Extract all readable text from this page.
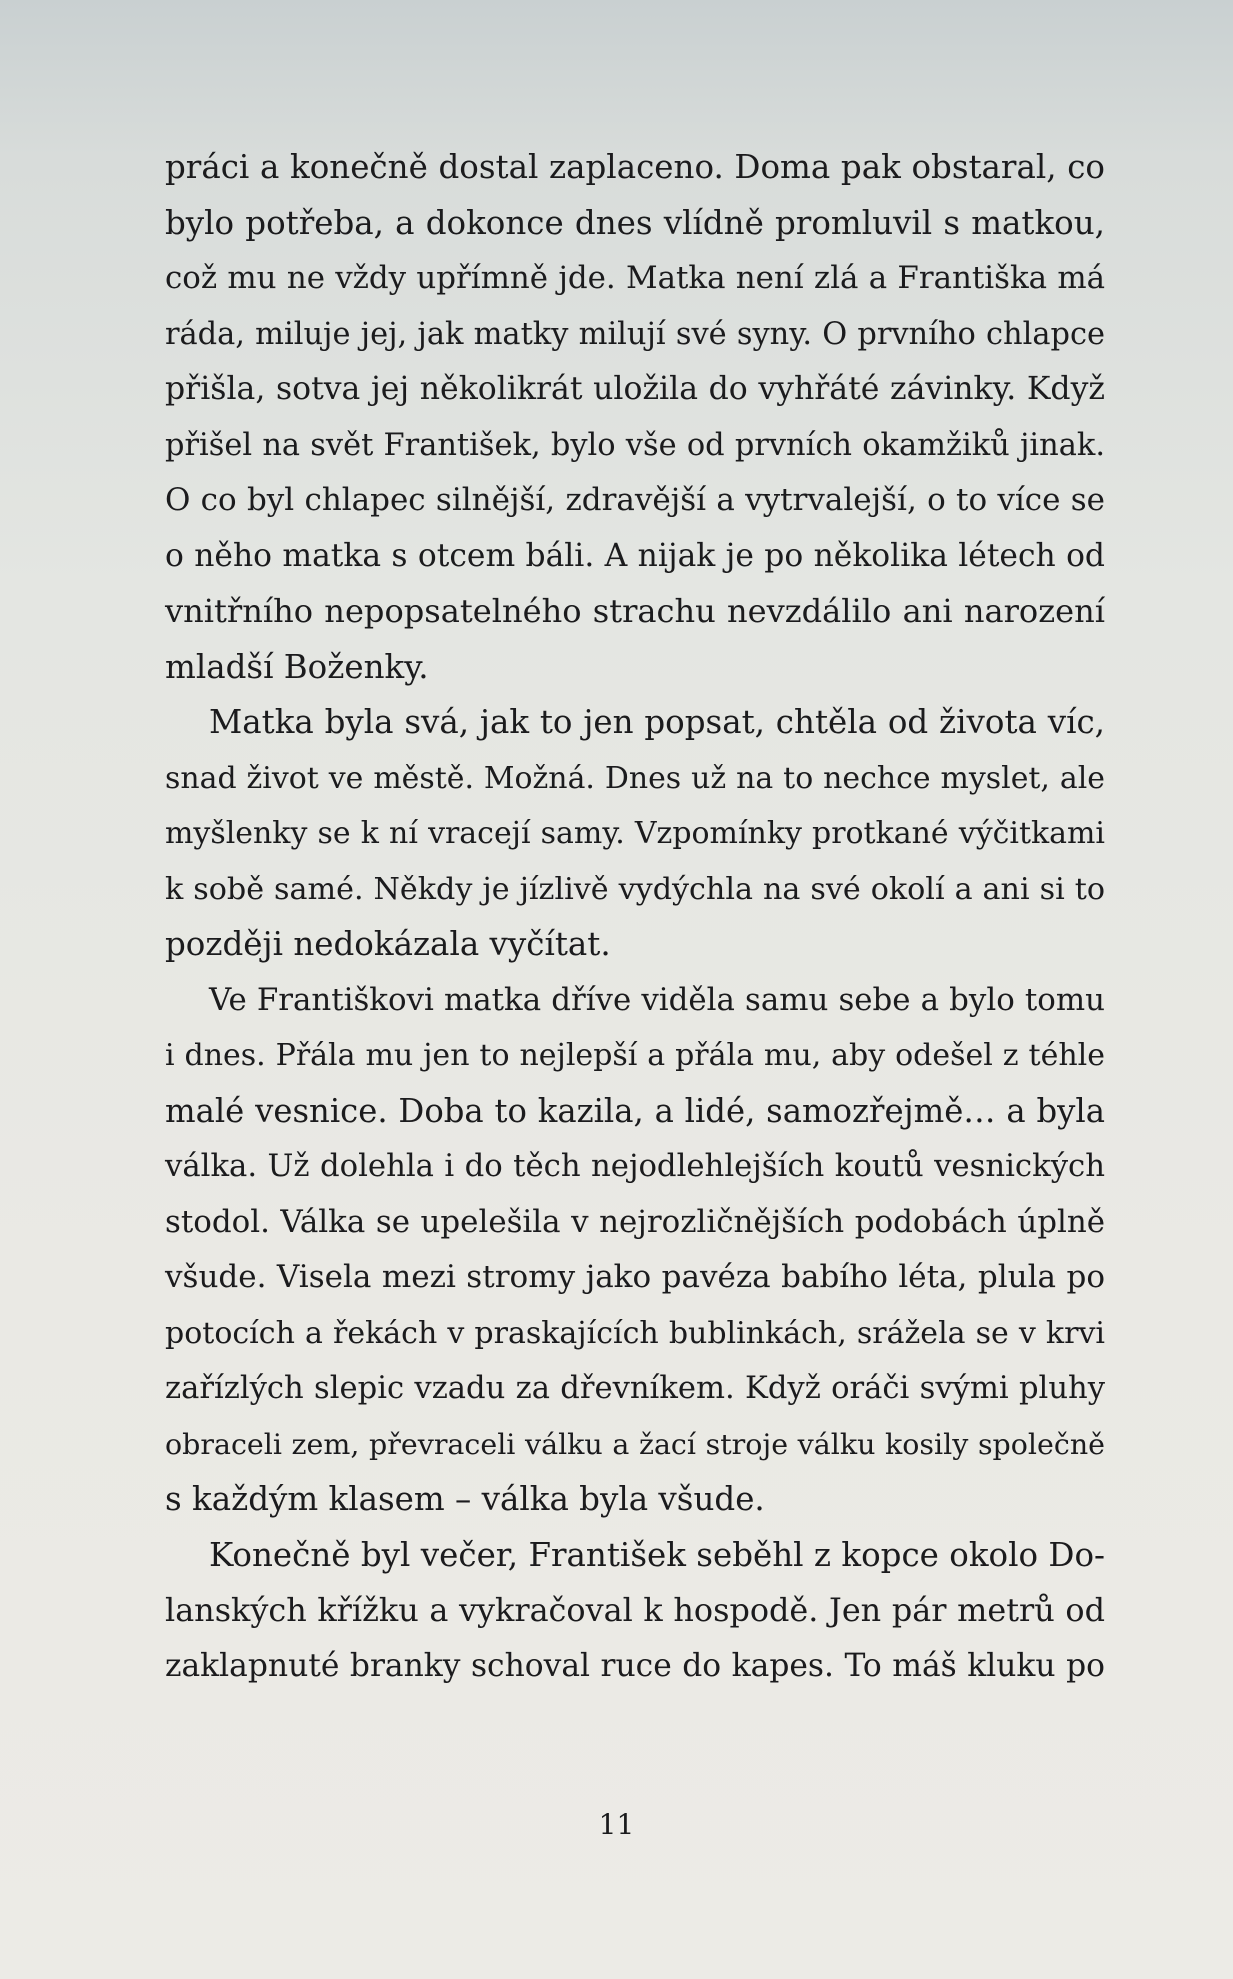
práci a konečně dostal zaplaceno. Doma pak obstaral, co
bylo potřeba, a dokonce dnes vlídně promluvil s matkou,
což mu ne vždy upřímně jde. Matka není zlá a Františka má
ráda, miluje jej, jak matky milují své syny. O prvního chlapce
přišla, sotva jej několikrát uložila do vyhřáté závinky. Když
přišel na svět František, bylo vše od prvních okamžiků jinak.
O co byl chlapec silnější, zdravější a vytrvalejší, o to více se
o něho matka s otcem báli. A nijak je po několika létech od
vnitřního nepopsatelného strachu nevzdálilo ani narození
mladší Boženky.
Matka byla svá, jak to jen popsat, chtěla od života víc,
snad život ve městě. Možná. Dnes už na to nechce myslet, ale
myšlenky se k ní vracejí samy. Vzpomínky protkané výčitkami
k sobě samé. Někdy je jízlivě vydýchla na své okolí a ani si to
později nedokázala vyčítat.
Ve Františkovi matka dříve viděla samu sebe a bylo tomu
i dnes. Přála mu jen to nejlepší a přála mu, aby odešel z téhle
malé vesnice. Doba to kazila, a lidé, samozřejmě… a byla
válka. Už dolehla i do těch nejodlehlejších koutů vesnických
stodol. Válka se upelešila v nejrozličnějších podobách úplně
všude. Visela mezi stromy jako pavéza babího léta, plula po
potocích a řekách v praskajících bublinkách, srážela se v krvi
zařízlých slepic vzadu za dřevníkem. Když oráči svými pluhy
obraceli zem, převraceli válku a žací stroje válku kosily společně
s každým klasem – válka byla všude.
Konečně byl večer, František seběhl z kopce okolo Do-
lanských křížku a vykračoval k hospodě. Jen pár metrů od
zaklapnuté branky schoval ruce do kapes. To máš kluku po
11
